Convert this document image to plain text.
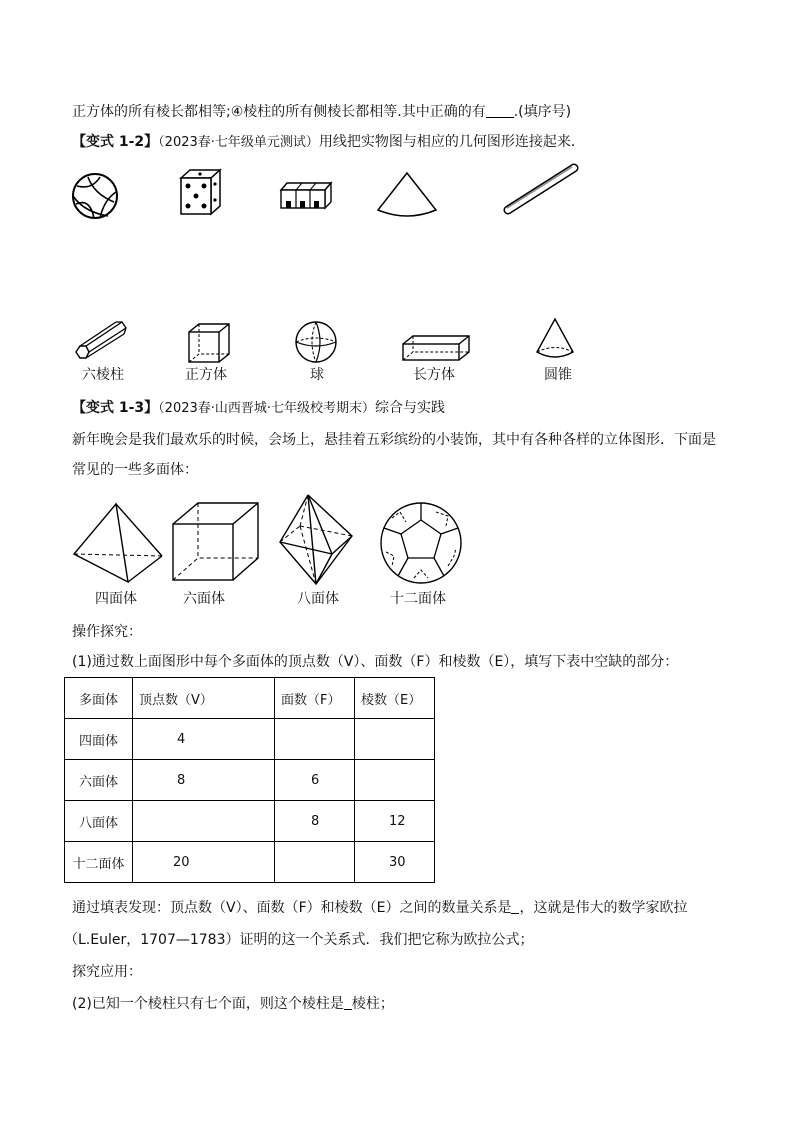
正方体的所有棱长都相等;④棱柱的所有侧棱长都相等.其中正确的有 .(填序号)
【变式 1-2】（2023春·七年级单元测试）用线把实物图与相应的几何图形连接起来．
六棱柱	正方体	球	长方体	圆锥
【变式 1-3】（2023春·山西晋城·七年级校考期末）综合与实践
新年晚会是我们最欢乐的时候，会场上，悬挂着五彩缤纷的小装饰，其中有各种各样的立体图形．下面是
常见的一些多面体：
四面体	六面体	八面体	十二面体
操作探究：
(1)通过数上面图形中每个多面体的顶点数（V）、面数（F）和棱数（E），填写下表中空缺的部分：
多面体	顶点数（V）	面数（F）	棱数（E）
四面体	4		
六面体	8	6	
八面体		8	12
十二面体	20		30
通过填表发现：顶点数（V）、面数（F）和棱数（E）之间的数量关系是 ，这就是伟大的数学家欧拉
（L.Euler，1707—1783）证明的这一个关系式．我们把它称为欧拉公式；
探究应用：
(2)已知一个棱柱只有七个面，则这个棱柱是 棱柱；
